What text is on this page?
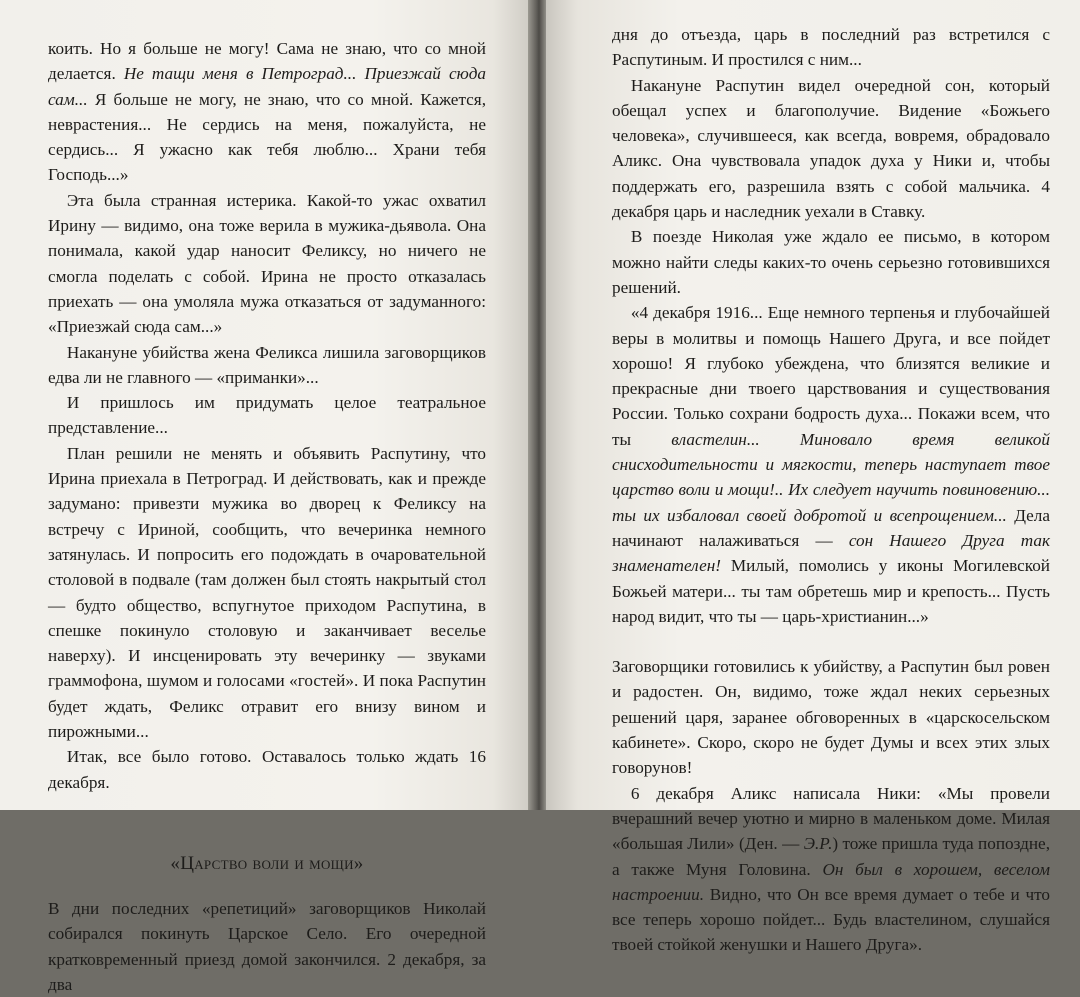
коить. Но я больше не могу! Сама не знаю, что со мной делается. Не тащи меня в Петроград... Приезжай сюда сам... Я больше не могу, не знаю, что со мной. Кажется, неврастения... Не сердись на меня, пожалуйста, не сердись... Я ужасно как тебя люблю... Храни тебя Господь...»

Эта была странная истерика. Какой-то ужас охватил Ирину — видимо, она тоже верила в мужика-дьявола. Она понимала, какой удар наносит Феликсу, но ничего не смогла поделать с собой. Ирина не просто отказалась приехать — она умоляла мужа отказаться от задуманного: «Приезжай сюда сам...»

Накануне убийства жена Феликса лишила заговорщиков едва ли не главного — «приманки»...

И пришлось им придумать целое театральное представление...

План решили не менять и объявить Распутину, что Ирина приехала в Петроград. И действовать, как и прежде задумано: привезти мужика во дворец к Феликсу на встречу с Ириной, сообщить, что вечеринка немного затянулась. И попросить его подождать в очаровательной столовой в подвале (там должен был стоять накрытый стол — будто общество, вспугнутое приходом Распутина, в спешке покинуло столовую и заканчивает веселье наверху). И инсценировать эту вечеринку — звуками граммофона, шумом и голосами «гостей». И пока Распутин будет ждать, Феликс отравит его внизу вином и пирожными...

Итак, все было готово. Оставалось только ждать 16 декабря.

«Царство воли и мощи»

В дни последних «репетиций» заговорщиков Николай собирался покинуть Царское Село. Его очередной кратковременный приезд домой закончился. 2 декабря, за два

дня до отъезда, царь в последний раз встретился с Распутиным. И простился с ним...

Накануне Распутин видел очередной сон, который обещал успех и благополучие. Видение «Божьего человека», случившееся, как всегда, вовремя, обрадовало Аликс. Она чувствовала упадок духа у Ники и, чтобы поддержать его, разрешила взять с собой мальчика. 4 декабря царь и наследник уехали в Ставку.

В поезде Николая уже ждало ее письмо, в котором можно найти следы каких-то очень серьезно готовившихся решений.

«4 декабря 1916... Еще немного терпенья и глубочайшей веры в молитвы и помощь Нашего Друга, и все пойдет хорошо! Я глубоко убеждена, что близятся великие и прекрасные дни твоего царствования и существования России. Только сохрани бодрость духа... Покажи всем, что ты властелин... Миновало время великой снисходительности и мягкости, теперь наступает твое царство воли и мощи!.. Их следует научить повиновению... ты их избаловал своей добротой и всепрощением... Дела начинают налаживаться — сон Нашего Друга так знаменателен! Милый, помолись у иконы Могилевской Божьей матери... ты там обретешь мир и крепость... Пусть народ видит, что ты — царь-христианин...»

Заговорщики готовились к убийству, а Распутин был ровен и радостен. Он, видимо, тоже ждал неких серьезных решений царя, заранее обговоренных в «царскосельском кабинете». Скоро, скоро не будет Думы и всех этих злых говорунов!

6 декабря Аликс написала Ники: «Мы провели вчерашний вечер уютно и мирно в маленьком доме. Милая «большая Лили» (Ден. — Э.Р.) тоже пришла туда попоздне, а также Муня Головина. Он был в хорошем, веселом настроении. Видно, что Он все время думает о тебе и что все теперь хорошо пойдет... Будь властелином, слушайся твоей стойкой женушки и Нашего Друга».
